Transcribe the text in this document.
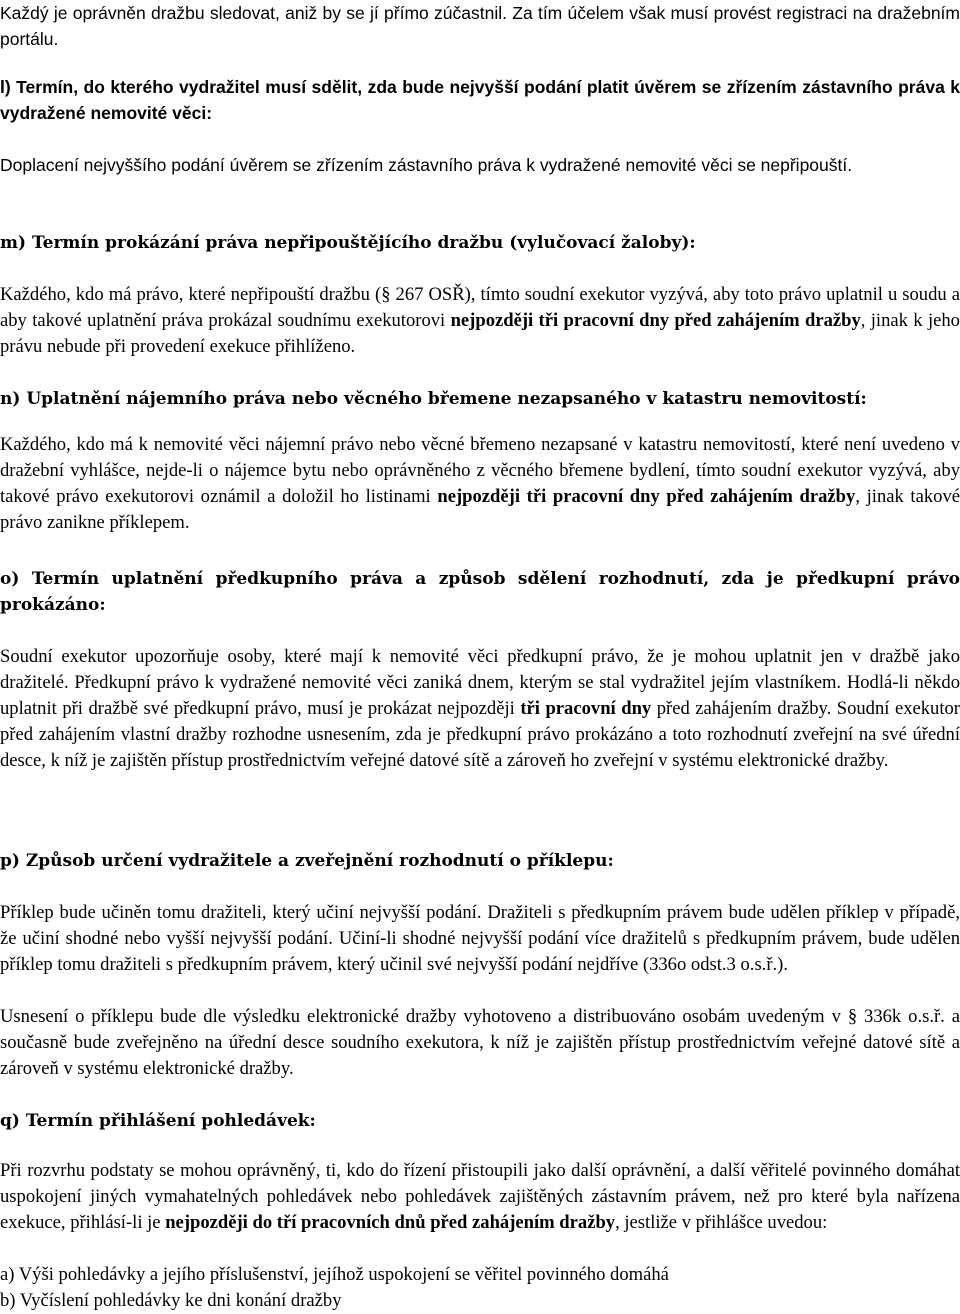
Každý je oprávněn dražbu sledovat, aniž by se jí přímo zúčastnil. Za tím účelem však musí provést registraci na dražebním portálu.

l) Termín, do kterého vydražitel musí sdělit, zda bude nejvyšší podání platit úvěrem se zřízením zástavního práva k vydražené nemovité věci:

Doplacení nejvyššího podání úvěrem se zřízením zástavního práva k vydražené nemovité věci se nepřipouští.

m) Termín prokázání práva nepřipouštějícího dražbu (vylučovací žaloby):

Každého, kdo má právo, které nepřipouští dražbu (§ 267 OSŘ), tímto soudní exekutor vyzývá, aby toto právo uplatnil u soudu a aby takové uplatnění práva prokázal soudnímu exekutorovi nejpozději tři pracovní dny před zahájením dražby, jinak k jeho právu nebude při provedení exekuce přihlíženo.

n) Uplatnění nájemního práva nebo věcného břemene nezapsaného v katastru nemovitostí:

Každého, kdo má k nemovité věci nájemní právo nebo věcné břemeno nezapsané v katastru nemovitostí, které není uvedeno v dražební vyhlášce, nejde-li o nájemce bytu nebo oprávněného z věcného břemene bydlení, tímto soudní exekutor vyzývá, aby takové právo exekutorovi oznámil a doložil ho listinami nejpozději tři pracovní dny před zahájením dražby, jinak takové právo zanikne příklepem.

o) Termín uplatnění předkupního práva a způsob sdělení rozhodnutí, zda je předkupní právo prokázáno:

Soudní exekutor upozorňuje osoby, které mají k nemovité věci předkupní právo, že je mohou uplatnit jen v dražbě jako dražitelé. Předkupní právo k vydražené nemovité věci zaniká dnem, kterým se stal vydražitel jejím vlastníkem. Hodlá-li někdo uplatnit při dražbě své předkupní právo, musí je prokázat nejpozději tři pracovní dny před zahájením dražby. Soudní exekutor před zahájením vlastní dražby rozhodne usnesením, zda je předkupní právo prokázáno a toto rozhodnutí zveřejní na své úřední desce, k níž je zajištěn přístup prostřednictvím veřejné datové sítě a zároveň ho zveřejní v systému elektronické dražby.

p) Způsob určení vydražitele a zveřejnění rozhodnutí o příklepu:

Příklep bude učiněn tomu dražiteli, který učiní nejvyšší podání. Dražiteli s předkupním právem bude udělen příklep v případě, že učiní shodné nebo vyšší nejvyšší podání. Učiní-li shodné nejvyšší podání více dražitelů s předkupním právem, bude udělen příklep tomu dražiteli s předkupním právem, který učinil své nejvyšší podání nejdříve (336o odst.3 o.s.ř.).

Usnesení o příklepu bude dle výsledku elektronické dražby vyhotoveno a distribuováno osobám uvedeným v § 336k o.s.ř. a současně bude zveřejněno na úřední desce soudního exekutora, k níž je zajištěn přístup prostřednictvím veřejné datové sítě a zároveň v systému elektronické dražby.

q) Termín přihlášení pohledávek:

Při rozvrhu podstaty se mohou oprávněný, ti, kdo do řízení přistoupili jako další oprávnění, a další věřitelé povinného domáhat uspokojení jiných vymahatelných pohledávek nebo pohledávek zajištěných zástavním právem, než pro které byla nařízena exekuce, přihlásí-li je nejpozději do tří pracovních dnů před zahájením dražby, jestliže v přihlášce uvedou:

a) Výši pohledávky a jejího příslušenství, jejíhož uspokojení se věřitel povinného domáhá

b) Vyčíslení pohledávky ke dni konání dražby
